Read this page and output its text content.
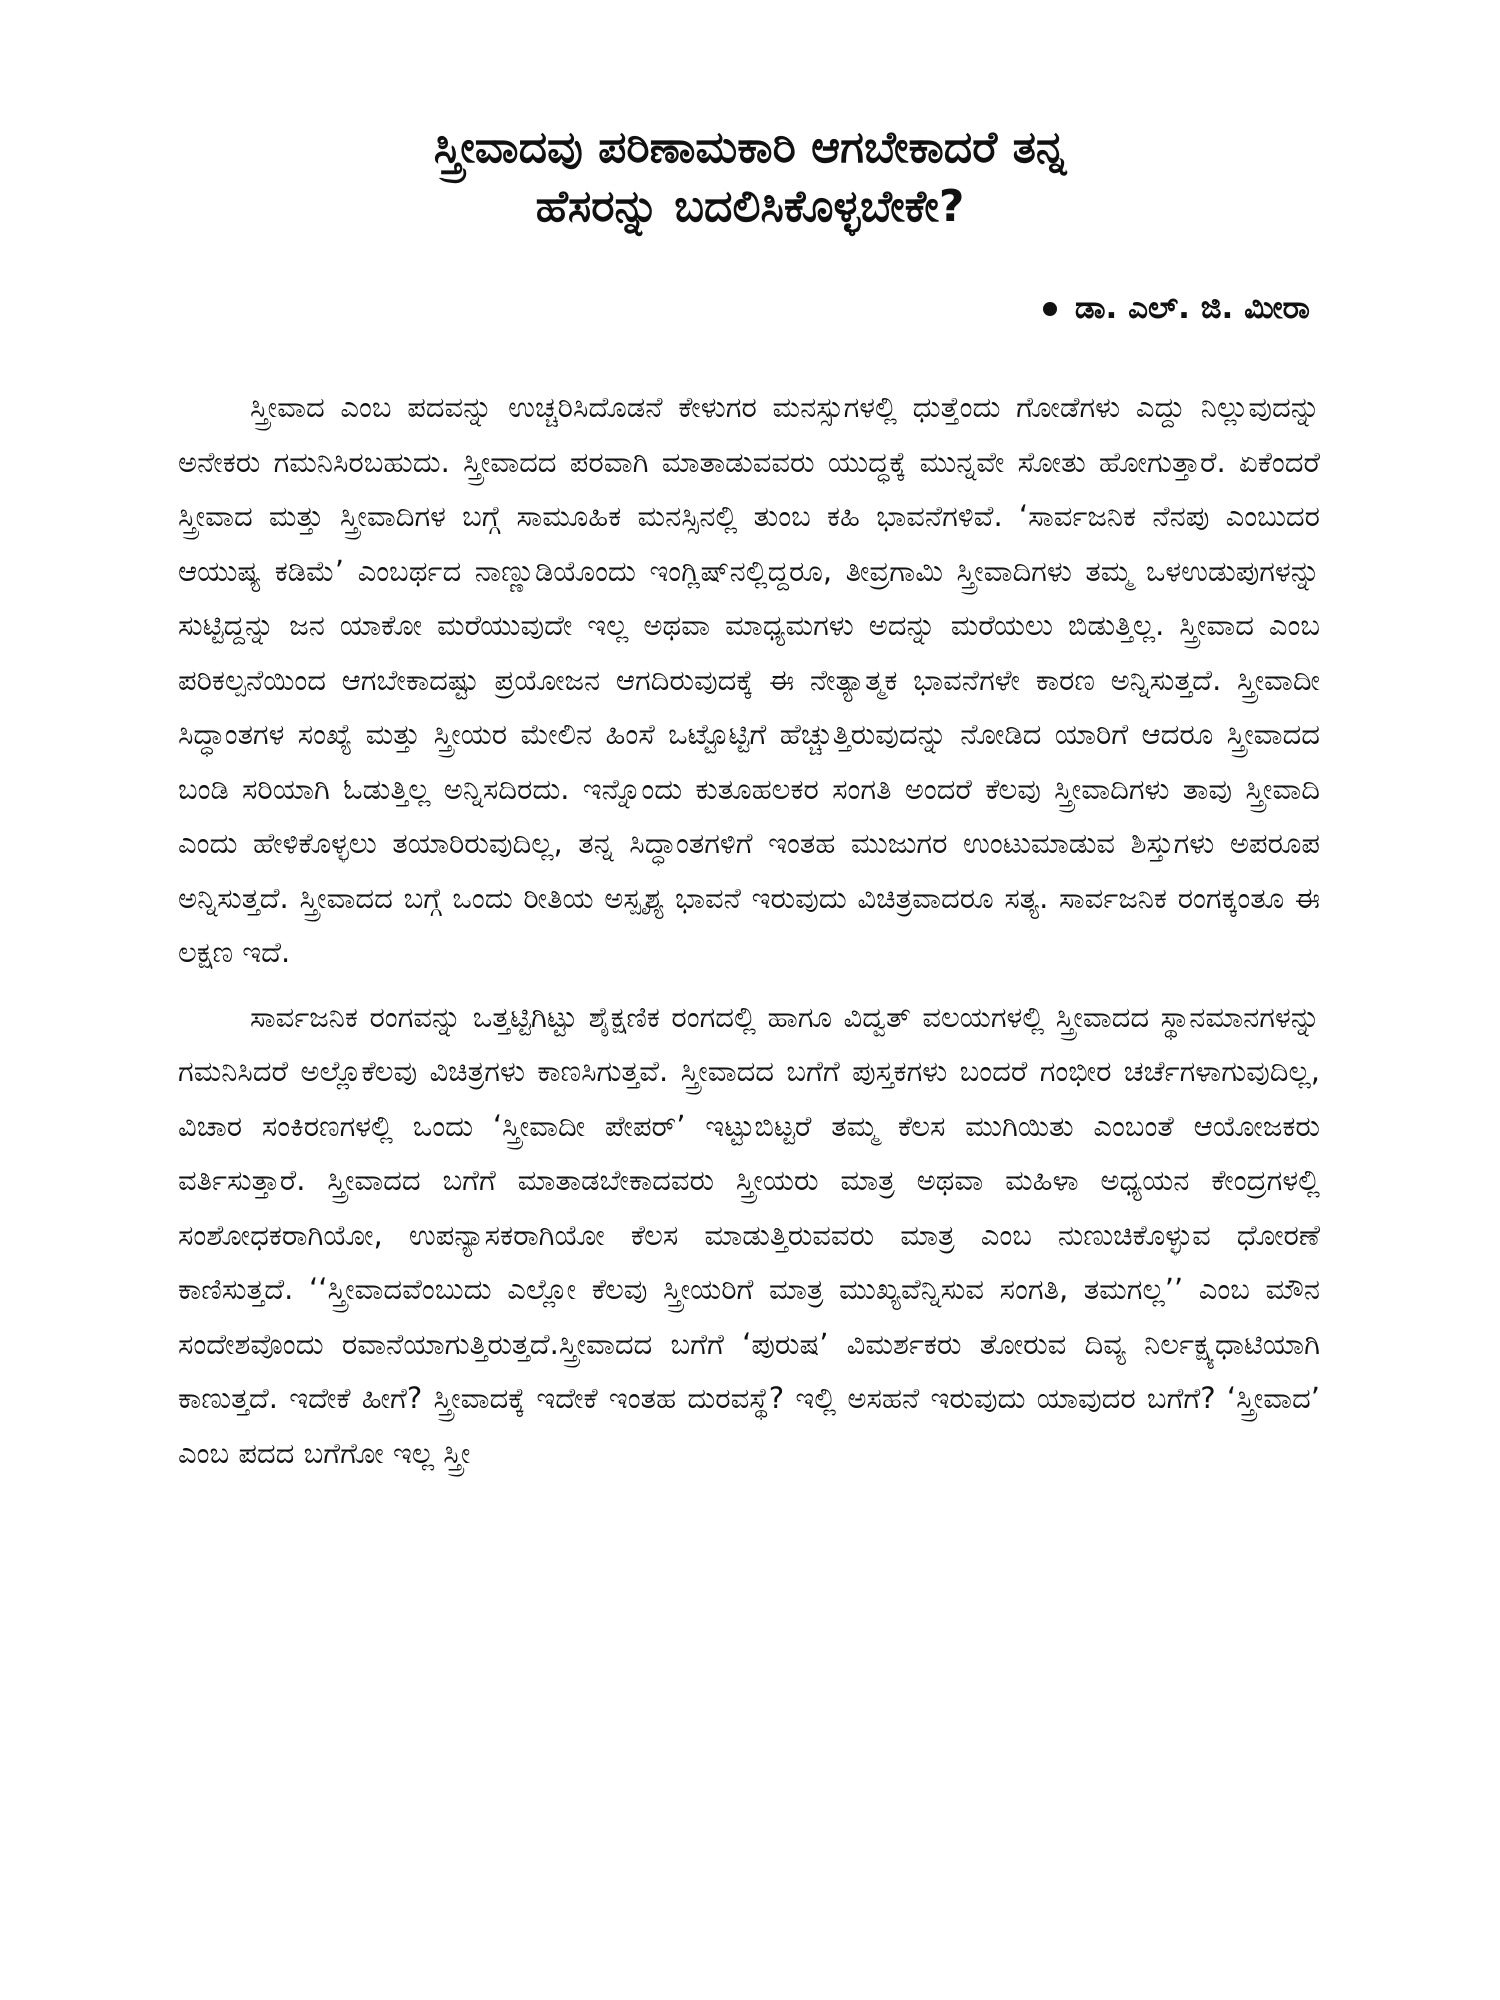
ಸ್ತ್ರೀವಾದವು ಪರಿಣಾಮಕಾರಿ ಆಗಬೇಕಾದರೆ ತನ್ನ
ಹೆಸರನ್ನು ಬದಲಿಸಿಕೊಳ್ಳಬೇಕೇ?

ಡಾ. ಎಲ್. ಜಿ. ಮೀರಾ

ಸ್ತ್ರೀವಾದ ಎಂಬ ಪದವನ್ನು ಉಚ್ಚರಿಸಿದೊಡನೆ ಕೇಳುಗರ ಮನಸ್ಸುಗಳಲ್ಲಿ ಧುತ್ತೆಂದು ಗೋಡೆಗಳು ಎದ್ದು ನಿಲ್ಲುವುದನ್ನು ಅನೇಕರು ಗಮನಿಸಿರಬಹುದು. ಸ್ತ್ರೀವಾದದ ಪರವಾಗಿ ಮಾತಾಡುವವರು ಯುದ್ಧಕ್ಕೆ ಮುನ್ನವೇ ಸೋತು ಹೋಗುತ್ತಾರೆ. ಏಕೆಂದರೆ ಸ್ತ್ರೀವಾದ ಮತ್ತು ಸ್ತ್ರೀವಾದಿಗಳ ಬಗ್ಗೆ ಸಾಮೂಹಿಕ ಮನಸ್ಸಿನಲ್ಲಿ ತುಂಬ ಕಹಿ ಭಾವನೆಗಳಿವೆ. ‘ಸಾರ್ವಜನಿಕ ನೆನಪು ಎಂಬುದರ ಆಯುಷ್ಯ ಕಡಿಮೆ’ ಎಂಬರ್ಥದ ನಾಣ್ಣುಡಿಯೊಂದು ಇಂಗ್ಲಿಷ್‌ನಲ್ಲಿದ್ದರೂ, ತೀವ್ರಗಾಮಿ ಸ್ತ್ರೀವಾದಿಗಳು ತಮ್ಮ ಒಳಉಡುಪುಗಳನ್ನು ಸುಟ್ಟಿದ್ದನ್ನು ಜನ ಯಾಕೋ ಮರೆಯುವುದೇ ಇಲ್ಲ ಅಥವಾ ಮಾಧ್ಯಮಗಳು ಅದನ್ನು ಮರೆಯಲು ಬಿಡುತ್ತಿಲ್ಲ. ಸ್ತ್ರೀವಾದ ಎಂಬ ಪರಿಕಲ್ಪನೆಯಿಂದ ಆಗಬೇಕಾದಷ್ಟು ಪ್ರಯೋಜನ ಆಗದಿರುವುದಕ್ಕೆ ಈ ನೇತ್ಯಾತ್ಮಕ ಭಾವನೆಗಳೇ ಕಾರಣ ಅನ್ನಿಸುತ್ತದೆ. ಸ್ತ್ರೀವಾದೀ ಸಿದ್ಧಾಂತಗಳ ಸಂಖ್ಯೆ ಮತ್ತು ಸ್ತ್ರೀಯರ ಮೇಲಿನ ಹಿಂಸೆ ಒಟ್ಟೊಟ್ಟಿಗೆ ಹೆಚ್ಚುತ್ತಿರುವುದನ್ನು ನೋಡಿದ ಯಾರಿಗೆ ಆದರೂ ಸ್ತ್ರೀವಾದದ ಬಂಡಿ ಸರಿಯಾಗಿ ಓಡುತ್ತಿಲ್ಲ ಅನ್ನಿಸದಿರದು. ಇನ್ನೊಂದು ಕುತೂಹಲಕರ ಸಂಗತಿ ಅಂದರೆ ಕೆಲವು ಸ್ತ್ರೀವಾದಿಗಳು ತಾವು ಸ್ತ್ರೀವಾದಿ ಎಂದು ಹೇಳಿಕೊಳ್ಳಲು ತಯಾರಿರುವುದಿಲ್ಲ, ತನ್ನ ಸಿದ್ಧಾಂತಗಳಿಗೆ ಇಂತಹ ಮುಜುಗರ ಉಂಟುಮಾಡುವ ಶಿಸ್ತುಗಳು ಅಪರೂಪ ಅನ್ನಿಸುತ್ತದೆ. ಸ್ತ್ರೀವಾದದ ಬಗ್ಗೆ ಒಂದು ರೀತಿಯ ಅಸ್ಪೃಶ್ಯ ಭಾವನೆ ಇರುವುದು ವಿಚಿತ್ರವಾದರೂ ಸತ್ಯ. ಸಾರ್ವಜನಿಕ ರಂಗಕ್ಕಂತೂ ಈ ಲಕ್ಷಣ ಇದೆ.

ಸಾರ್ವಜನಿಕ ರಂಗವನ್ನು ಒತ್ತಟ್ಟಿಗಿಟ್ಟು ಶೈಕ್ಷಣಿಕ ರಂಗದಲ್ಲಿ ಹಾಗೂ ವಿದ್ವತ್ ವಲಯಗಳಲ್ಲಿ ಸ್ತ್ರೀವಾದದ ಸ್ಥಾನಮಾನಗಳನ್ನು ಗಮನಿಸಿದರೆ ಅಲ್ಲೊಕೆಲವು ವಿಚಿತ್ರಗಳು ಕಾಣಸಿಗುತ್ತವೆ. ಸ್ತ್ರೀವಾದದ ಬಗೆಗೆ ಪುಸ್ತಕಗಳು ಬಂದರೆ ಗಂಭೀರ ಚರ್ಚೆಗಳಾಗುವುದಿಲ್ಲ, ವಿಚಾರ ಸಂಕಿರಣಗಳಲ್ಲಿ ಒಂದು ‘ಸ್ತ್ರೀವಾದೀ ಪೇಪರ್’ ಇಟ್ಟುಬಿಟ್ಟರೆ ತಮ್ಮ ಕೆಲಸ ಮುಗಿಯಿತು ಎಂಬಂತೆ ಆಯೋಜಕರು ವರ್ತಿಸುತ್ತಾರೆ. ಸ್ತ್ರೀವಾದದ ಬಗೆಗೆ ಮಾತಾಡಬೇಕಾದವರು ಸ್ತ್ರೀಯರು ಮಾತ್ರ ಅಥವಾ ಮಹಿಳಾ ಅಧ್ಯಯನ ಕೇಂದ್ರಗಳಲ್ಲಿ ಸಂಶೋಧಕರಾಗಿಯೋ, ಉಪನ್ಯಾಸಕರಾಗಿಯೋ ಕೆಲಸ ಮಾಡುತ್ತಿರುವವರು ಮಾತ್ರ ಎಂಬ ನುಣುಚಿಕೊಳ್ಳುವ ಧೋರಣೆ ಕಾಣಿಸುತ್ತದೆ. ‘‘ಸ್ತ್ರೀವಾದವೆಂಬುದು ಎಲ್ಲೋ ಕೆಲವು ಸ್ತ್ರೀಯರಿಗೆ ಮಾತ್ರ ಮುಖ್ಯವೆನ್ನಿಸುವ ಸಂಗತಿ, ತಮಗಲ್ಲ’’ ಎಂಬ ಮೌನ ಸಂದೇಶವೊಂದು ರವಾನೆಯಾಗುತ್ತಿರುತ್ತದೆ.ಸ್ತ್ರೀವಾದದ ಬಗೆಗೆ ‘ಪುರುಷ’ ವಿಮರ್ಶಕರು ತೋರುವ ದಿವ್ಯ ನಿರ್ಲಕ್ಷ್ಯಧಾಟಿಯಾಗಿ ಕಾಣುತ್ತದೆ. ಇದೇಕೆ ಹೀಗೆ? ಸ್ತ್ರೀವಾದಕ್ಕೆ ಇದೇಕೆ ಇಂತಹ ದುರವಸ್ಥೆ? ಇಲ್ಲಿ ಅಸಹನೆ ಇರುವುದು ಯಾವುದರ ಬಗೆಗೆ? ‘ಸ್ತ್ರೀವಾದ’ ಎಂಬ ಪದದ ಬಗೆಗೋ ಇಲ್ಲ ಸ್ತ್ರೀ
